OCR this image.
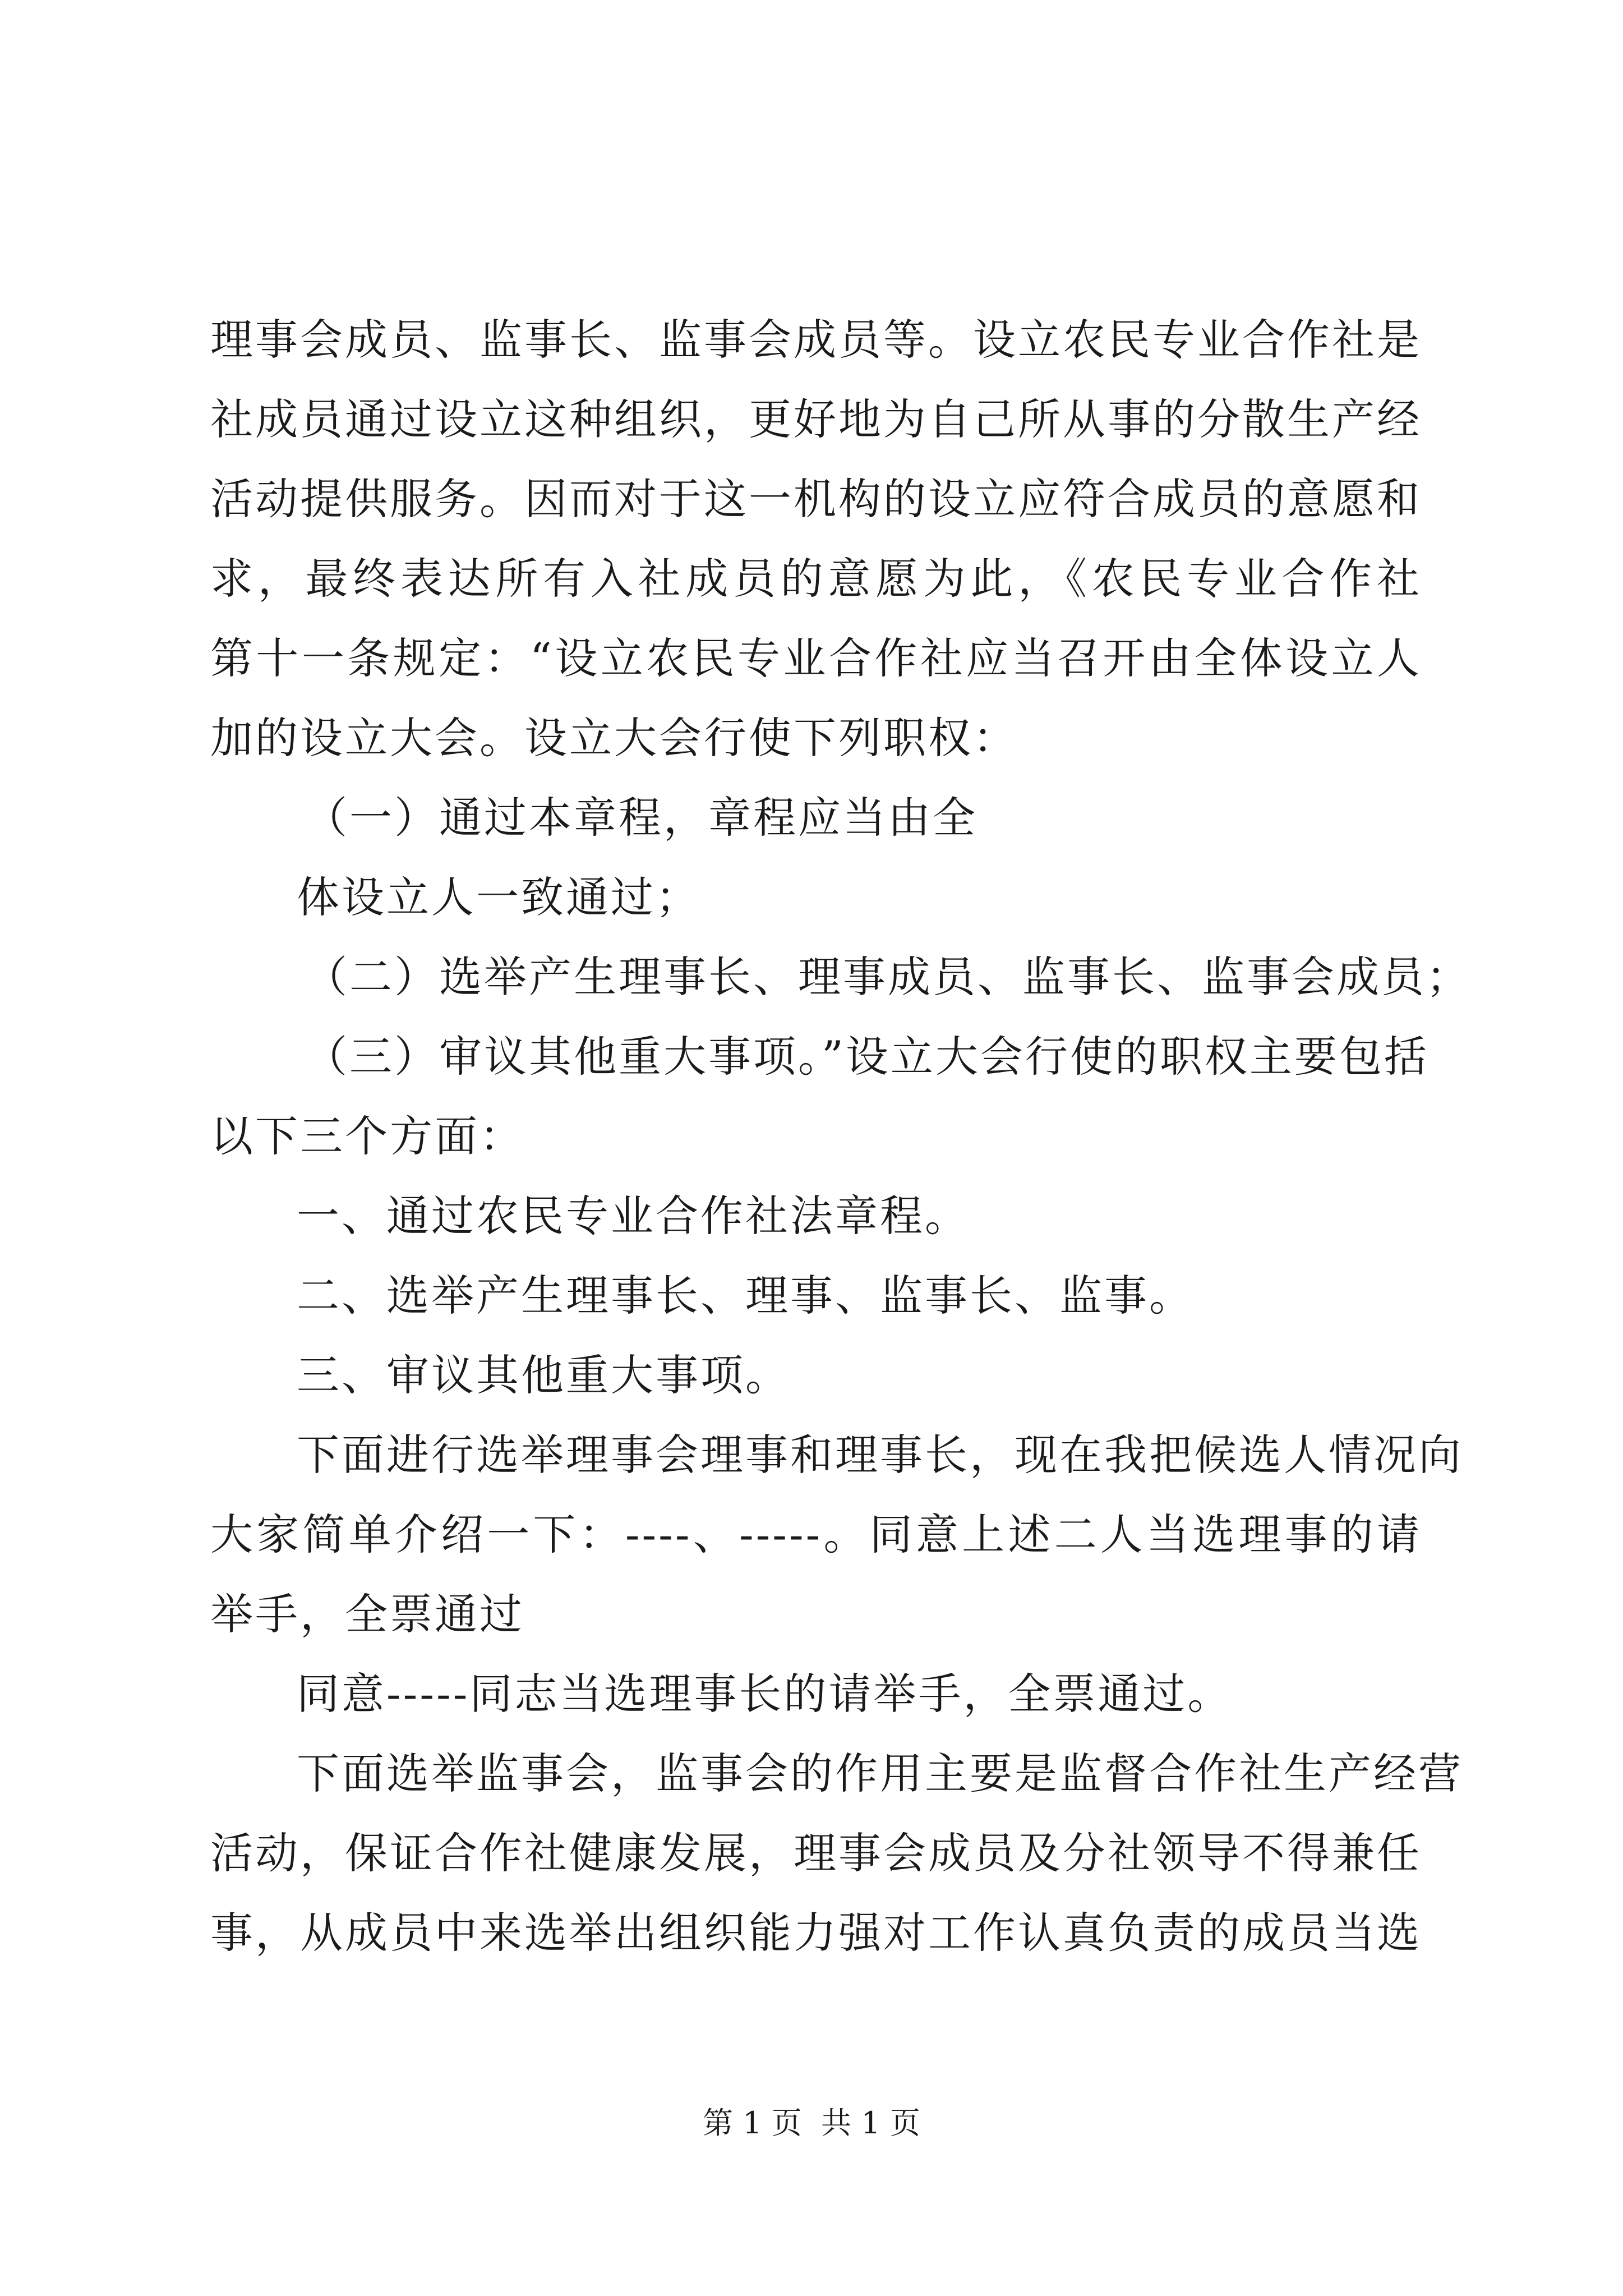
理事会成员、监事长、监事会成员等。设立农民专业合作社是
社成员通过设立这种组织，更好地为自己所从事的分散生产经
活动提供服务。因而对于这一机构的设立应符合成员的意愿和
求，最终表达所有入社成员的意愿为此，《农民专业合作社
第十一条规定：“设立农民专业合作社应当召开由全体设立人
加的设立大会。设立大会行使下列职权：
（一）通过本章程，章程应当由全
体设立人一致通过；
（二）选举产生理事长、理事成员、监事长、监事会成员；
（三）审议其他重大事项。”设立大会行使的职权主要包括
以下三个方面：
一、通过农民专业合作社法章程。
二、选举产生理事长、理事、监事长、监事。
三、审议其他重大事项。
下面进行选举理事会理事和理事长，现在我把候选人情况向
大家简单介绍一下：----、-----。同意上述二人当选理事的请
举手，全票通过
同意-----同志当选理事长的请举手，全票通过。
下面选举监事会，监事会的作用主要是监督合作社生产经营
活动，保证合作社健康发展，理事会成员及分社领导不得兼任
事，从成员中来选举出组织能力强对工作认真负责的成员当选
第 1 页  共 1 页
